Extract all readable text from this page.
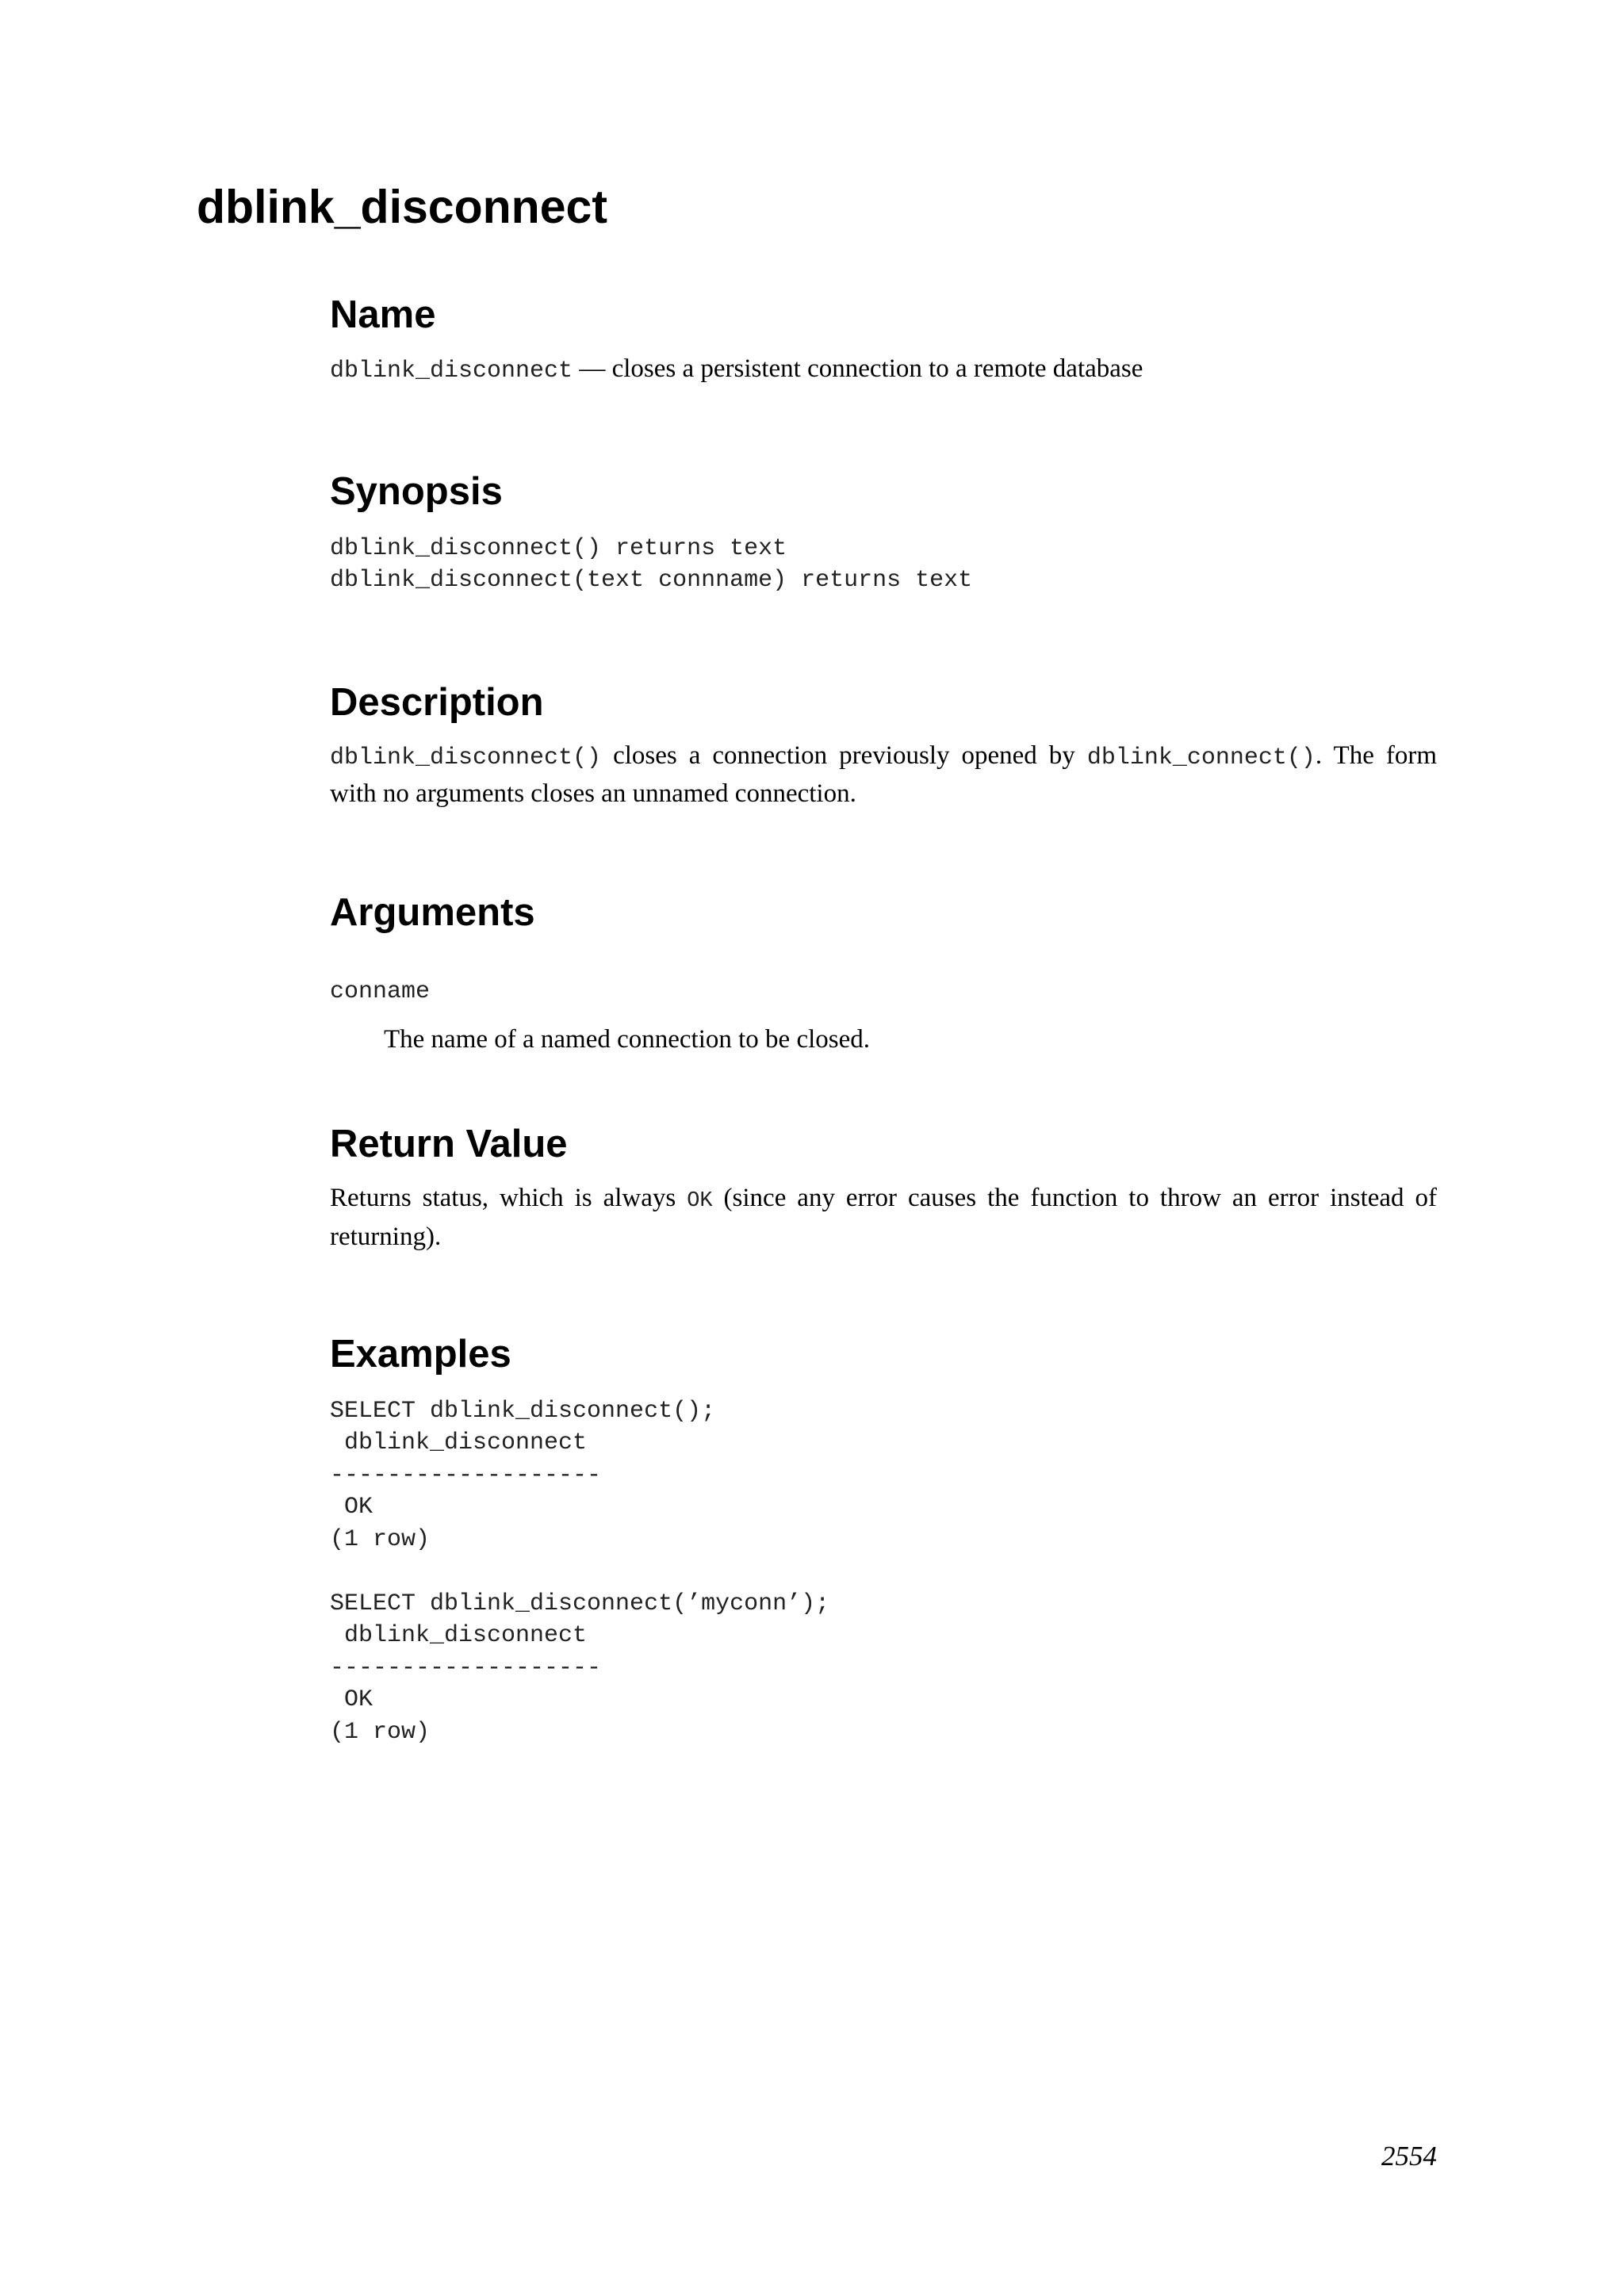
dblink_disconnect
Name

dblink_disconnect — closes a persistent connection to a remote database

Synopsis
dblink_disconnect() returns text
dblink_disconnect(text connname) returns text
Description

dblink_disconnect() closes a connection previously opened by dblink_connect(). The form with no arguments closes an unnamed connection.

Arguments
conname

The name of a named connection to be closed.

Return Value

Returns status, which is always OK (since any error causes the function to throw an error instead of returning).

Examples
SELECT dblink_disconnect();
dblink_disconnect
-------------------
OK
(1 row)

SELECT dblink_disconnect(’myconn’);
dblink_disconnect
-------------------
OK
(1 row)
2554
